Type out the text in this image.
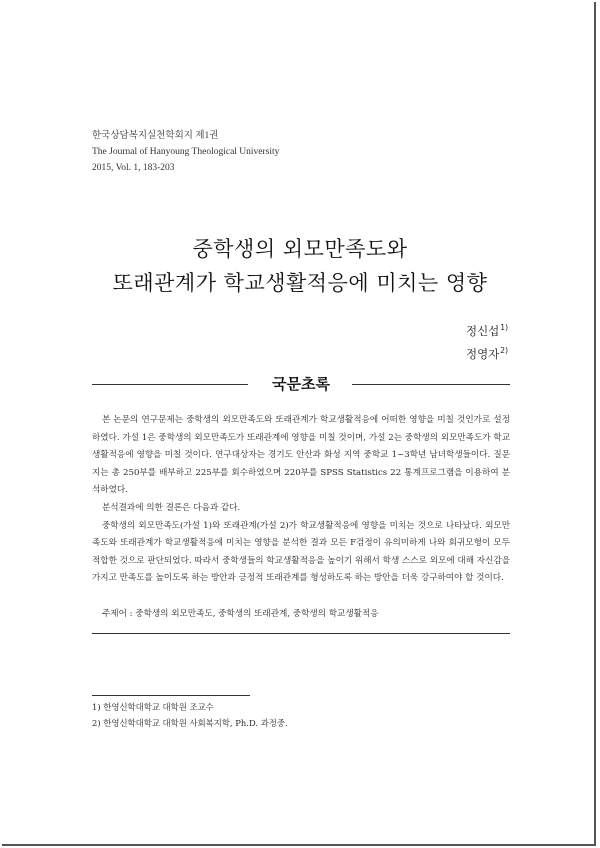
한국상담복지실천학회지 제1권
The Journal of Hanyoung Theological University
2015, Vol. 1, 183-203
중학생의 외모만족도와
또래관계가 학교생활적응에 미치는 영향
정신섭$^{1)}$
정영자$^{2)}$
국문초록

본 논문의 연구문제는 중학생의 외모만족도와 또래관계가 학교생활적응에 어떠한 영향을 미칠 것인가로 설정하였다. 가설 1은 중학생의 외모만족도가 또래관계에 영향을 미칠 것이며, 가설 2는 중학생의 외모만족도가 학교생활적응에 영향을 미칠 것이다. 연구대상자는 경기도 안산과 화성 지역 중학교 1~3학년 남녀학생들이다. 질문지는 총 250부를 배부하고 225부를 회수하였으며 220부를 SPSS Statistics 22 통계프로그램을 이용하여 분석하였다.

분석결과에 의한 결론은 다음과 같다.

중학생의 외모만족도(가설 1)와 또래관계(가설 2)가 학교생활적응에 영향을 미치는 것으로 나타났다. 외모만족도와 또래관계가 학교생활적응에 미치는 영향을 분석한 결과 모든 F검정이 유의미하게 나와 회귀모형이 모두 적합한 것으로 판단되었다. 따라서 중학생들의 학교생활적응을 높이기 위해서 학생 스스로 외모에 대해 자신감을 가지고 만족도를 높이도록 하는 방안과 긍정적 또래관계를 형성하도록 하는 방안을 더욱 강구하여야 할 것이다.

주제어 : 중학생의 외모만족도, 중학생의 또래관계, 중학생의 학교생활적응
1) 한영신학대학교 대학원 조교수
2) 한영신학대학교 대학원 사회복지학, Ph.D. 과정중.
